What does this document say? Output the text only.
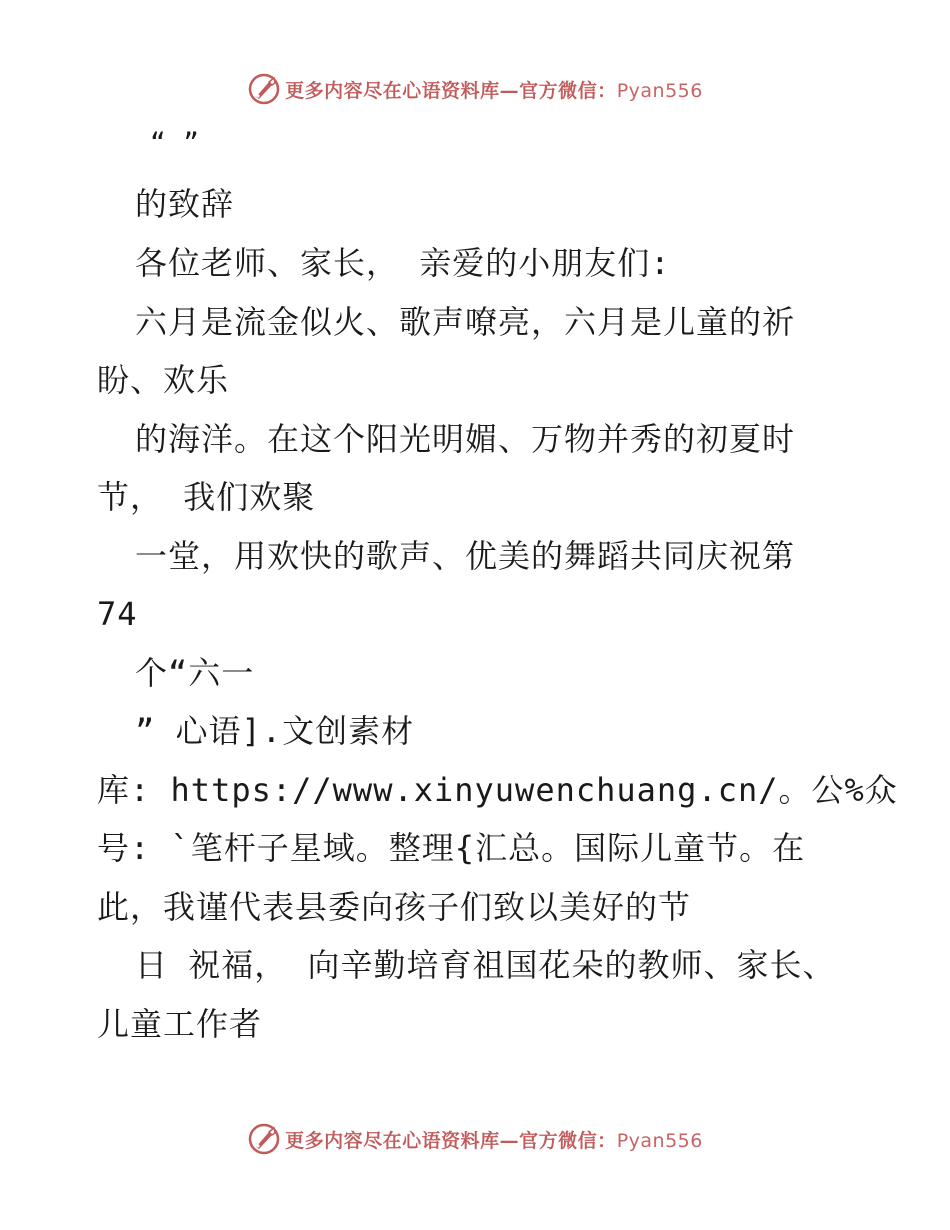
更多内容尽在心语资料库—官方微信：Pyan556
“ ”
的致辞
各位老师、家长， 亲爱的小朋友们:
六月是流金似火、歌声嘹亮，六月是儿童的祈
盼、欢乐
的海洋。在这个阳光明媚、万物并秀的初夏时
节， 我们欢聚
一堂，用欢快的歌声、优美的舞蹈共同庆祝第
74
个“六一
” 心语].文创素材
库: https://www.xinyuwenchuang.cn/。公%众
号: `笔杆子星域。整理{汇总。国际儿童节。在
此，我谨代表县委向孩子们致以美好的节
日 祝福， 向辛勤培育祖国花朵的教师、家长、
儿童工作者
更多内容尽在心语资料库—官方微信：Pyan556
